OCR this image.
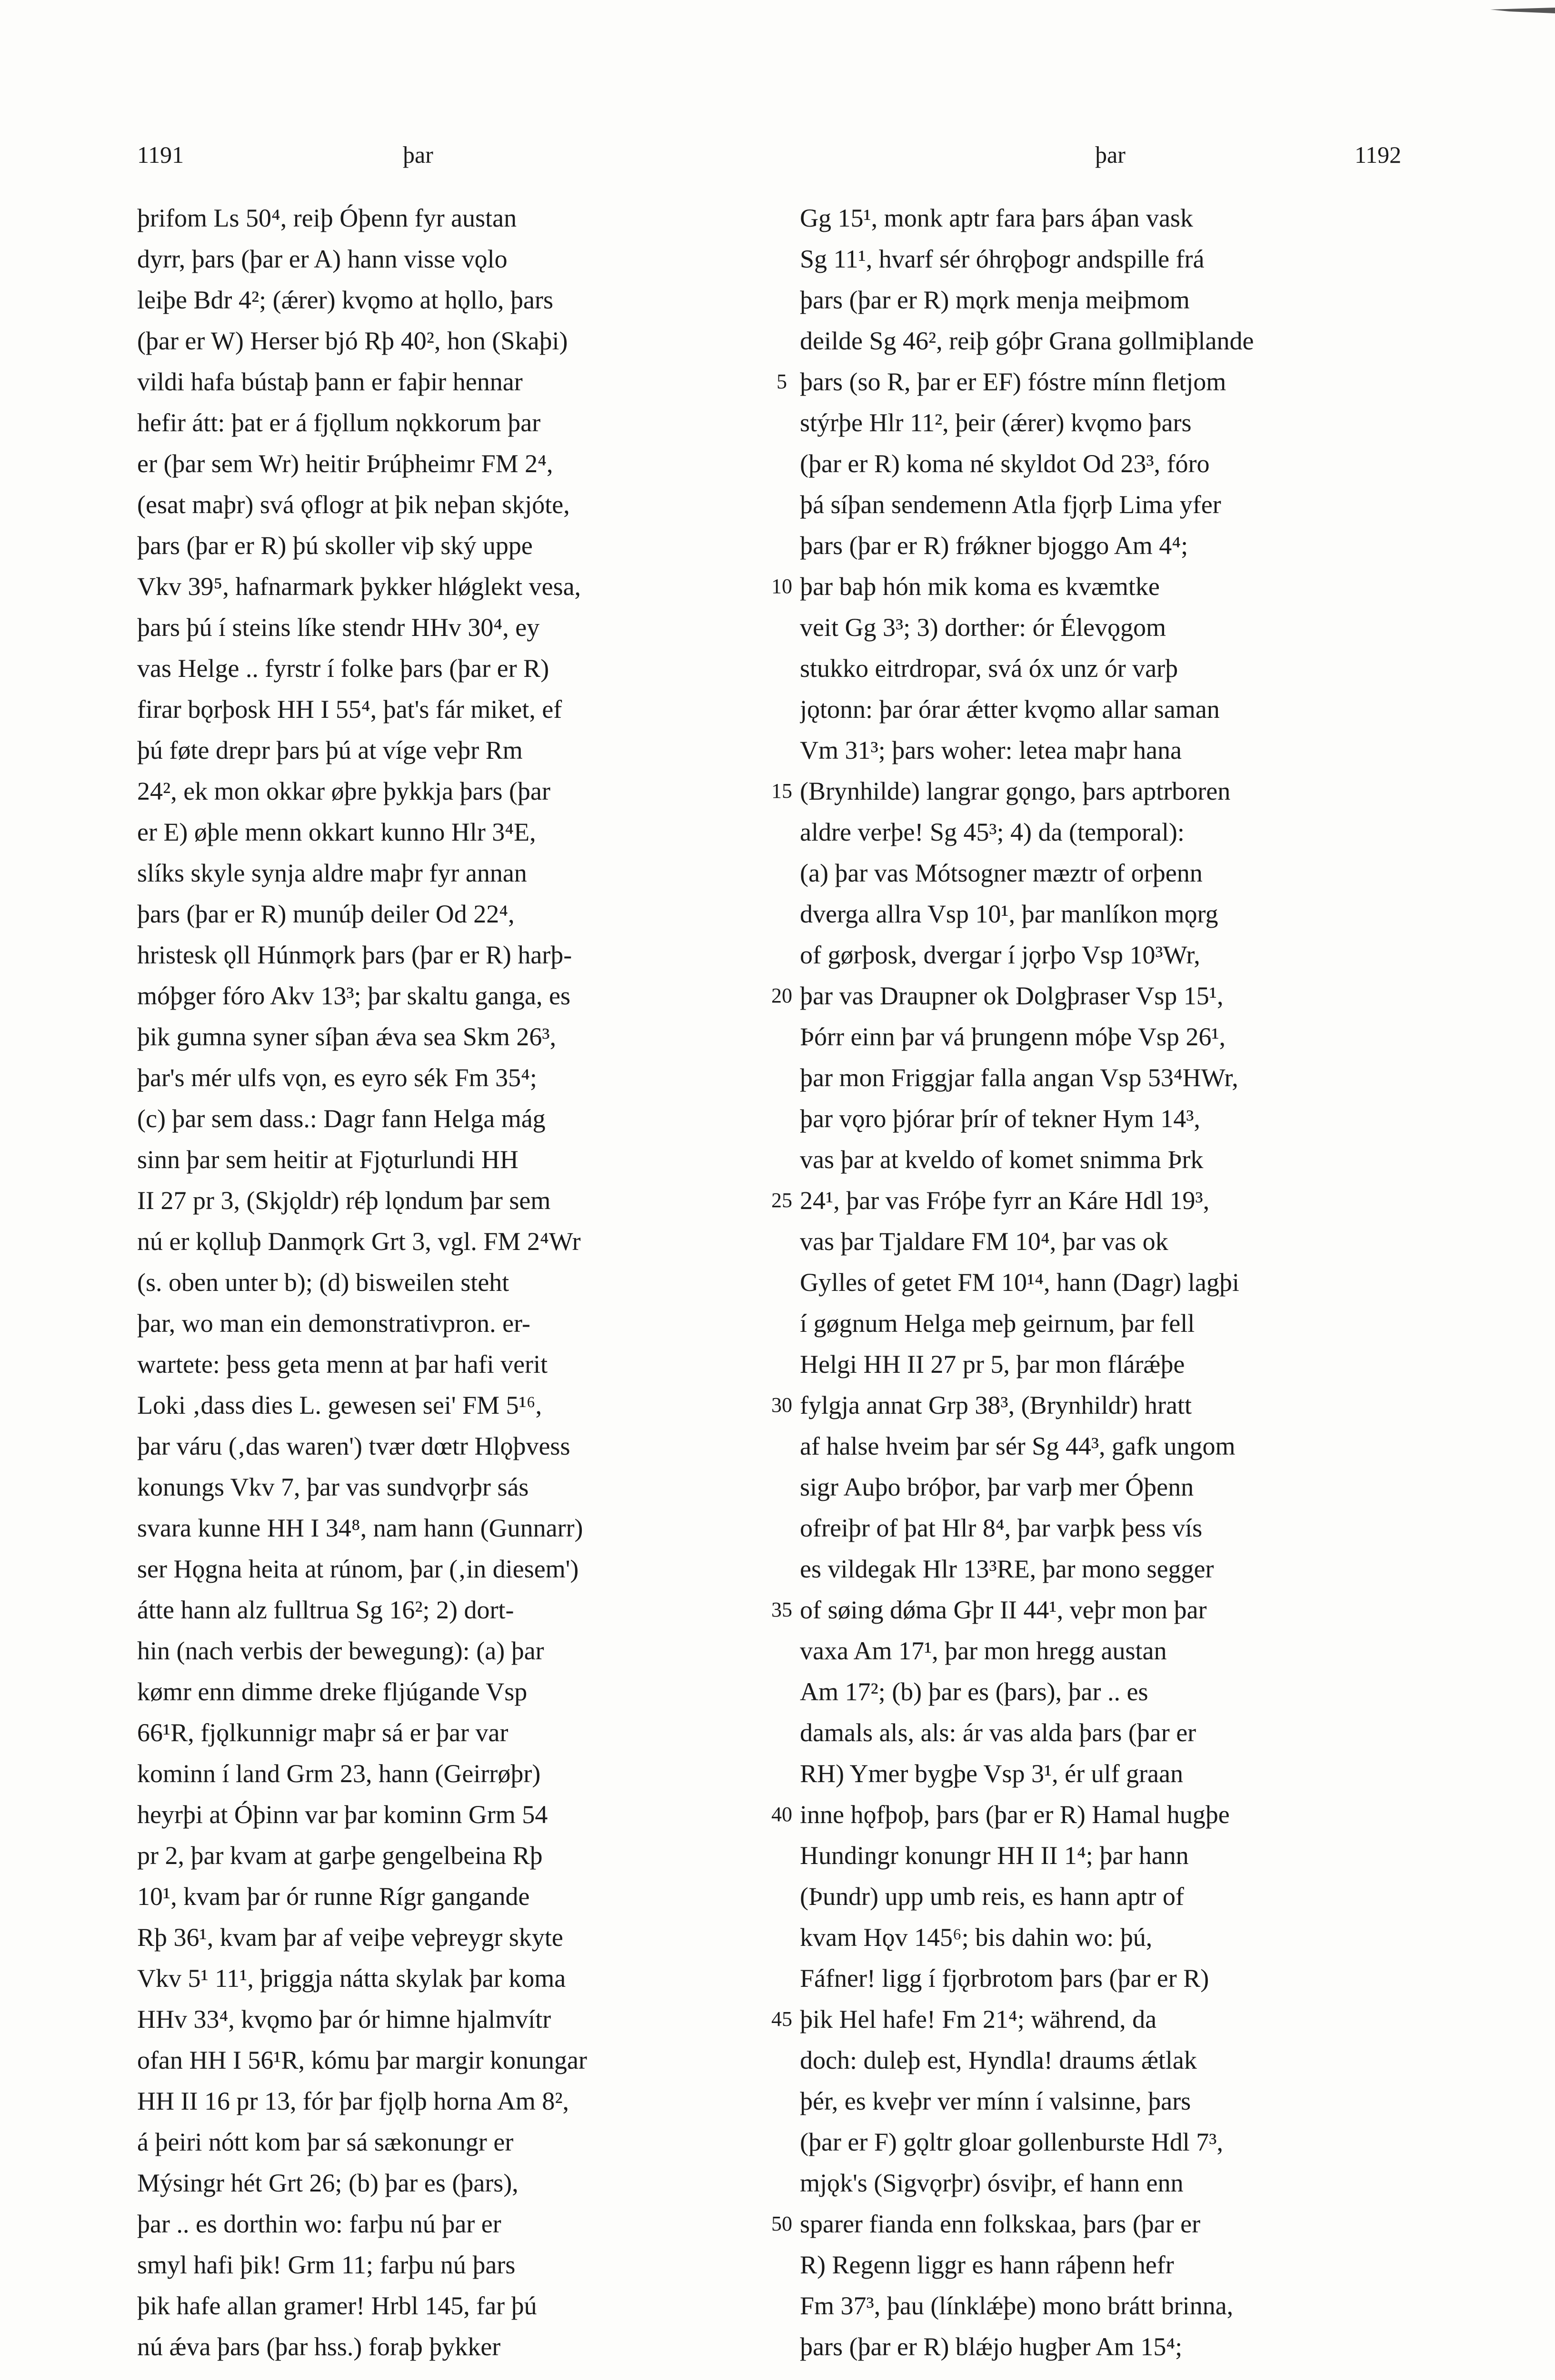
1191	þar	þar	1192
þrifom Ls 50⁴, reiþ Óþenn fyr austan
dyrr, þars (þar er A) hann visse vǫlo
leiþe Bdr 4²; (ǽrer) kvǫmo at hǫllo, þars
(þar er W) Herser bjó Rþ 40², hon (Skaþi)
vildi hafa bústaþ þann er faþir hennar
hefir átt: þat er á fjǫllum nǫkkorum þar
er (þar sem Wr) heitir Þrúþheimr FM 2⁴,
(esat maþr) svá ǫflogr at þik neþan skjóte,
þars (þar er R) þú skoller viþ ský uppe
Vkv 39⁵, hafnarmark þykker hlǿglekt vesa,
þars þú í steins líke stendr HHv 30⁴, ey
vas Helge .. fyrstr í folke þars (þar er R)
firar bǫrþosk HH I 55⁴, þat's fár miket, ef
þú føte drepr þars þú at víge veþr Rm
24², ek mon okkar øþre þykkja þars (þar
er E) øþle menn okkart kunno Hlr 3⁴E,
slíks skyle synja aldre maþr fyr annan
þars (þar er R) munúþ deiler Od 22⁴,
hristesk ǫll Húnmǫrk þars (þar er R) harþ-
móþger fóro Akv 13³; þar skaltu ganga, es
þik gumna syner síþan ǽva sea Skm 26³,
þar's mér ulfs vǫn, es eyro sék Fm 35⁴;
(c) þar sem dass.: Dagr fann Helga mág
sinn þar sem heitir at Fjǫturlundi HH
II 27 pr 3, (Skjǫldr) réþ lǫndum þar sem
nú er kǫlluþ Danmǫrk Grt 3, vgl. FM 2⁴Wr
(s. oben unter b); (d) bisweilen steht
þar, wo man ein demonstrativpron. er-
wartete: þess geta menn at þar hafi verit
Loki ‚dass dies L. gewesen sei' FM 5¹⁶,
þar váru (‚das waren') tvær dœtr Hlǫþvess
konungs Vkv 7, þar vas sundvǫrþr sás
svara kunne HH I 34⁸, nam hann (Gunnarr)
ser Hǫgna heita at rúnom, þar (‚in diesem')
átte hann alz fulltrua Sg 16²; 2) dort-
hin (nach verbis der bewegung): (a) þar
kømr enn dimme dreke fljúgande Vsp
66¹R, fjǫlkunnigr maþr sá er þar var
kominn í land Grm 23, hann (Geirrøþr)
heyrþi at Óþinn var þar kominn Grm 54
pr 2, þar kvam at garþe gengelbeina Rþ
10¹, kvam þar ór runne Rígr gangande
Rþ 36¹, kvam þar af veiþe veþreygr skyte
Vkv 5¹ 11¹, þriggja nátta skylak þar koma
HHv 33⁴, kvǫmo þar ór himne hjalmvítr
ofan HH I 56¹R, kómu þar margir konungar
HH II 16 pr 13, fór þar fjǫlþ horna Am 8²,
á þeiri nótt kom þar sá sækonungr er
Mýsingr hét Grt 26; (b) þar es (þars),
þar .. es dorthin wo: farþu nú þar er
smyl hafi þik! Grm 11; farþu nú þars
þik hafe allan gramer! Hrbl 145, far þú
nú ǽva þars (þar hss.) foraþ þykker
Gg 15¹, monk aptr fara þars áþan vask
Sg 11¹, hvarf sér óhrǫþogr andspille frá
þars (þar er R) mǫrk menja meiþmom
deilde Sg 46², reiþ góþr Grana gollmiþlande
þars (so R, þar er EF) fóstre mínn fletjom
stýrþe Hlr 11², þeir (ǽrer) kvǫmo þars
(þar er R) koma né skyldot Od 23³, fóro
þá síþan sendemenn Atla fjǫrþ Lima yfer
þars (þar er R) frǿkner bjoggo Am 4⁴;
þar baþ hón mik koma es kvæmtke
veit Gg 3³; 3) dorther: ór Élevǫgom
stukko eitrdropar, svá óx unz ór varþ
jǫtonn: þar órar ǽtter kvǫmo allar saman
Vm 31³; þars woher: letea maþr hana
(Brynhilde) langrar gǫngo, þars aptrboren
aldre verþe! Sg 45³; 4) da (temporal):
(a) þar vas Mótsogner mæztr of orþenn
dverga allra Vsp 10¹, þar manlíkon mǫrg
of gørþosk, dvergar í jǫrþo Vsp 10³Wr,
þar vas Draupner ok Dolgþraser Vsp 15¹,
Þórr einn þar vá þrungenn móþe Vsp 26¹,
þar mon Friggjar falla angan Vsp 53⁴HWr,
þar vǫro þjórar þrír of tekner Hym 14³,
vas þar at kveldo of komet snimma Þrk
24¹, þar vas Fróþe fyrr an Káre Hdl 19³,
vas þar Tjaldare FM 10⁴, þar vas ok
Gylles of getet FM 10¹⁴, hann (Dagr) lagþi
í gøgnum Helga meþ geirnum, þar fell
Helgi HH II 27 pr 5, þar mon flárǽþe
fylgja annat Grp 38³, (Brynhildr) hratt
af halse hveim þar sér Sg 44³, gafk ungom
sigr Auþo bróþor, þar varþ mer Óþenn
ofreiþr of þat Hlr 8⁴, þar varþk þess vís
es vildegak Hlr 13³RE, þar mono segger
of søing dǿma Gþr II 44¹, veþr mon þar
vaxa Am 17¹, þar mon hregg austan
Am 17²; (b) þar es (þars), þar .. es
damals als, als: ár vas alda þars (þar er
RH) Ymer bygþe Vsp 3¹, ér ulf graan
inne hǫfþoþ, þars (þar er R) Hamal hugþe
Hundingr konungr HH II 1⁴; þar hann
(Þundr) upp umb reis, es hann aptr of
kvam Hǫv 145⁶; bis dahin wo: þú,
Fáfner! ligg í fjǫrbrotom þars (þar er R)
þik Hel hafe! Fm 21⁴; während, da
doch: duleþ est, Hyndla! draums ǽtlak
þér, es kveþr ver mínn í valsinne, þars
(þar er F) gǫltr gloar gollenburste Hdl 7³,
mjǫk's (Sigvǫrþr) ósviþr, ef hann enn
sparer fianda enn folkskaa, þars (þar er
R) Regenn liggr es hann ráþenn hefr
Fm 37³, þau (línklǽþe) mono brátt brinna,
þars (þar er R) blǽjo hugþer Am 15⁴;
5
10
15
20
25
30
35
40
45
50
